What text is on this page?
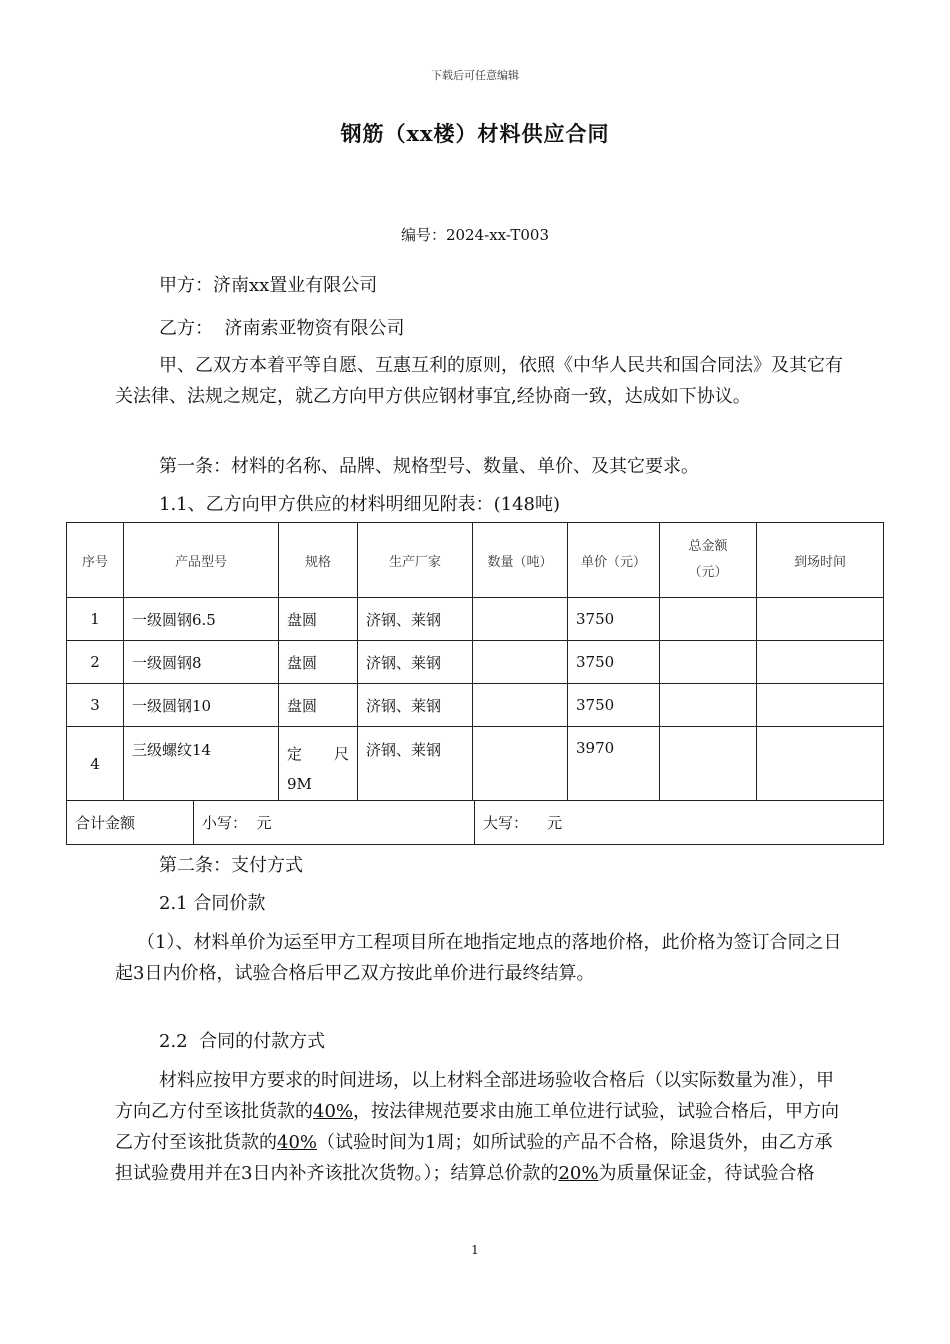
下载后可任意编辑
钢筋（xx楼）材料供应合同
编号：2024-xx-T003

甲方：济南xx置业有限公司

乙方：  济南索亚物资有限公司

甲、乙双方本着平等自愿、互惠互利的原则，依照《中华人民共和国合同法》及其它有关法律、法规之规定，就乙方向甲方供应钢材事宜,经协商一致，达成如下协议。

第一条：材料的名称、品牌、规格型号、数量、单价、及其它要求。

1.1、乙方向甲方供应的材料明细见附表：(148吨)

序号	产品型号	规格	生产厂家	数量（吨）	单价（元）	总金额
（元）	到场时间
1	一级圆钢6.5	盘圆	济钢、莱钢		3750		
2	一级圆钢8	盘圆	济钢、莱钢		3750		
3	一级圆钢10	盘圆	济钢、莱钢		3750		
4	三级螺纹14	定 尺
9M	济钢、莱钢		3970		
合计金额	小写：  元	大写：    元

第二条：支付方式

2.1 合同价款

（1）、材料单价为运至甲方工程项目所在地指定地点的落地价格，此价格为签订合同之日起3日内价格，试验合格后甲乙双方按此单价进行最终结算。

2.2  合同的付款方式

材料应按甲方要求的时间进场，以上材料全部进场验收合格后（以实际数量为准），甲方向乙方付至该批货款的40%，按法律规范要求由施工单位进行试验，试验合格后，甲方向乙方付至该批货款的40%（试验时间为1周；如所试验的产品不合格，除退货外，由乙方承担试验费用并在3日内补齐该批次货物。）；结算总价款的20%为质量保证金，待试验合格

1
